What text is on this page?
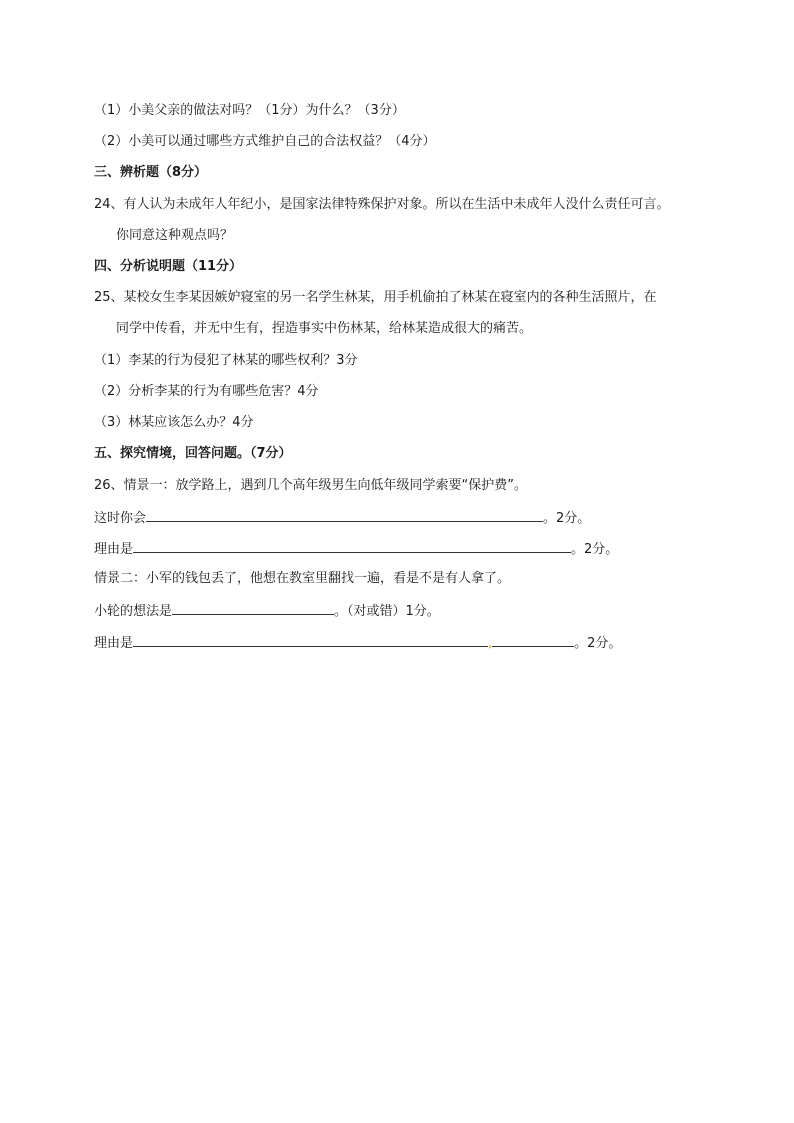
（1）小美父亲的做法对吗？（1分）为什么？（3分）
（2）小美可以通过哪些方式维护自己的合法权益？（4分）
三、辨析题（8分）
24、有人认为未成年人年纪小，是国家法律特殊保护对象。所以在生活中未成年人没什么责任可言。
你同意这种观点吗？
四、分析说明题（11分）
25、某校女生李某因嫉妒寝室的另一名学生林某，用手机偷拍了林某在寝室内的各种生活照片，在
同学中传看，并无中生有，捏造事实中伤林某，给林某造成很大的痛苦。
（1）李某的行为侵犯了林某的哪些权利？3分
（2）分析李某的行为有哪些危害？4分
（3）林某应该怎么办？4分
五、探究情境，回答问题。（7分）
26、情景一：放学路上，遇到几个高年级男生向低年级同学索要“保护费”。
这时你会	。2分。
理由是	。2分。
情景二：小军的钱包丢了，他想在教室里翻找一遍，看是不是有人拿了。
小轮的想法是	。（对或错）1分。
理由是	,	。2分。
